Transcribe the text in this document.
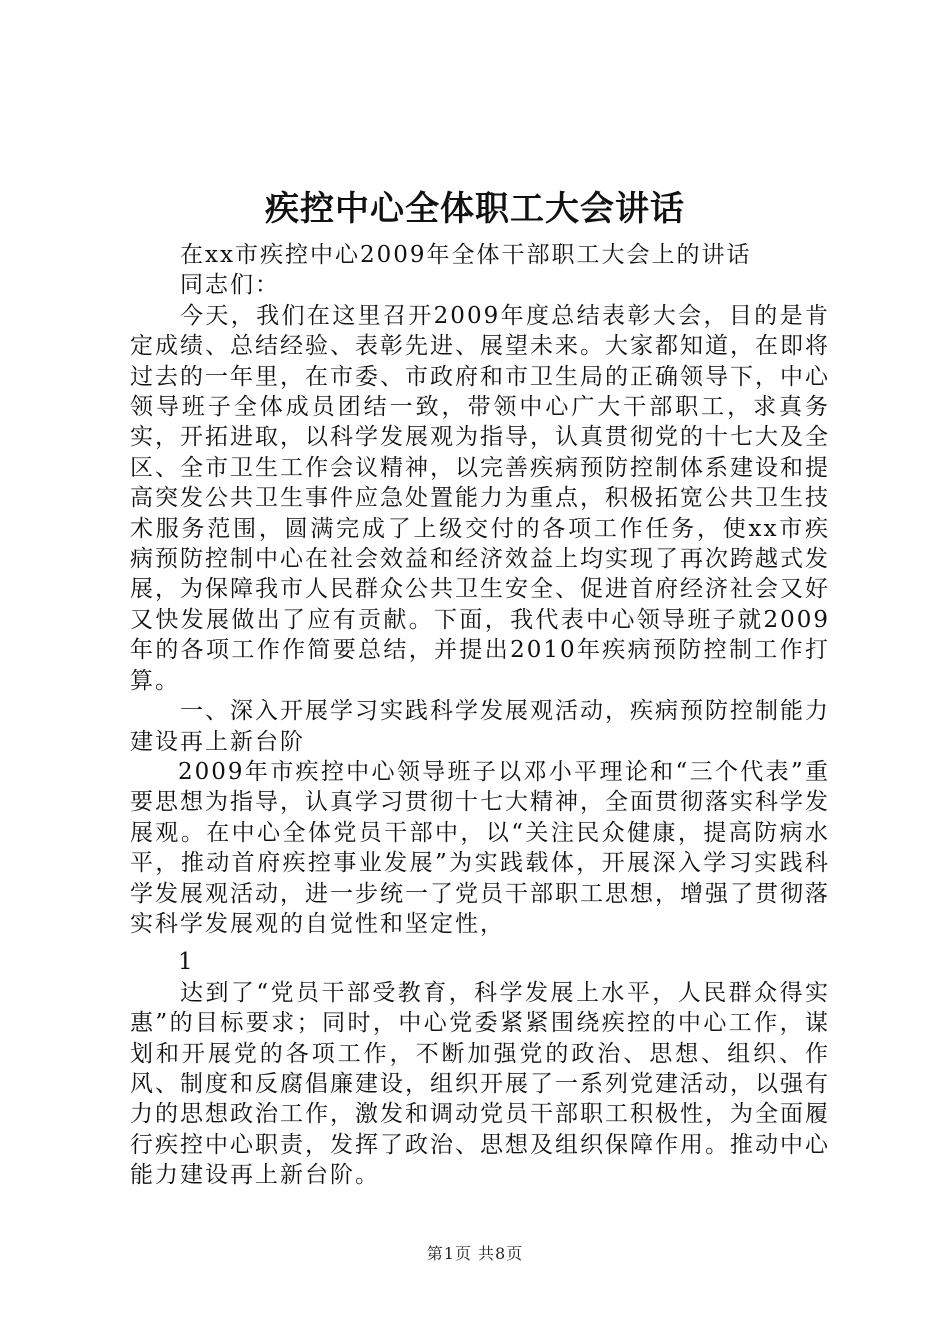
疾控中心全体职工大会讲话

在xx市疾控中心2009年全体干部职工大会上的讲话

同志们：

今天，我们在这里召开2009年度总结表彰大会，目的是肯定成绩、总结经验、表彰先进、展望未来。大家都知道，在即将过去的一年里，在市委、市政府和市卫生局的正确领导下，中心领导班子全体成员团结一致，带领中心广大干部职工，求真务实，开拓进取，以科学发展观为指导，认真贯彻党的十七大及全区、全市卫生工作会议精神，以完善疾病预防控制体系建设和提高突发公共卫生事件应急处置能力为重点，积极拓宽公共卫生技术服务范围，圆满完成了上级交付的各项工作任务，使xx市疾病预防控制中心在社会效益和经济效益上均实现了再次跨越式发展，为保障我市人民群众公共卫生安全、促进首府经济社会又好又快发展做出了应有贡献。下面，我代表中心领导班子就2009年的各项工作作简要总结，并提出2010年疾病预防控制工作打算。

一、深入开展学习实践科学发展观活动，疾病预防控制能力建设再上新台阶

2009年市疾控中心领导班子以邓小平理论和“三个代表”重要思想为指导，认真学习贯彻十七大精神，全面贯彻落实科学发展观。在中心全体党员干部中，以“关注民众健康，提高防病水平，推动首府疾控事业发展”为实践载体，开展深入学习实践科学发展观活动，进一步统一了党员干部职工思想，增强了贯彻落实科学发展观的自觉性和坚定性，

1

达到了“党员干部受教育，科学发展上水平，人民群众得实惠”的目标要求；同时，中心党委紧紧围绕疾控的中心工作，谋划和开展党的各项工作，不断加强党的政治、思想、组织、作风、制度和反腐倡廉建设，组织开展了一系列党建活动，以强有力的思想政治工作，激发和调动党员干部职工积极性，为全面履行疾控中心职责，发挥了政治、思想及组织保障作用。推动中心能力建设再上新台阶。

第1页 共8页
